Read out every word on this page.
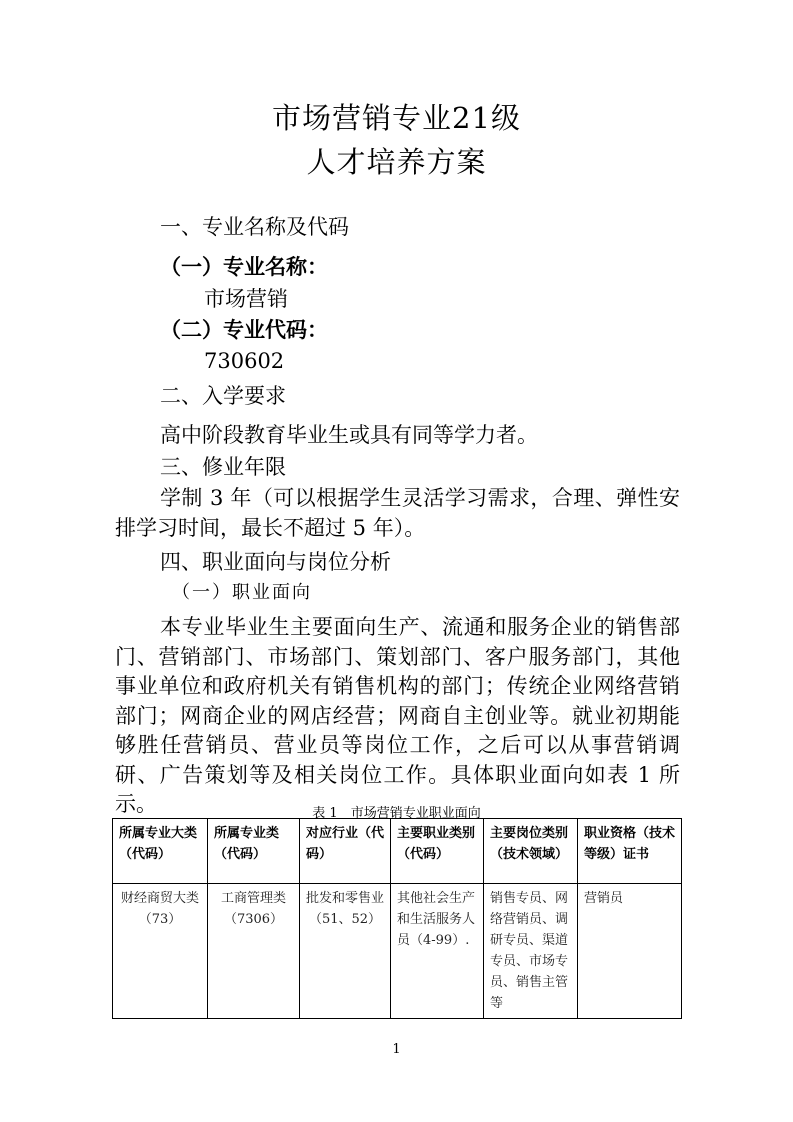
市场营销专业21级
人才培养方案
一、专业名称及代码
（一）专业名称：
市场营销
（二）专业代码：
730602
二、入学要求
高中阶段教育毕业生或具有同等学力者。
三、修业年限
学制 3 年（可以根据学生灵活学习需求，合理、弹性安排学习时间，最长不超过 5 年）。
四、职业面向与岗位分析
（一）职业面向
本专业毕业生主要面向生产、流通和服务企业的销售部门、营销部门、市场部门、策划部门、客户服务部门，其他事业单位和政府机关有销售机构的部门；传统企业网络营销部门；网商企业的网店经营；网商自主创业等。就业初期能够胜任营销员、营业员等岗位工作，之后可以从事营销调研、广告策划等及相关岗位工作。具体职业面向如表 1 所示。	表 1　市场营销专业职业面向
所属专业大类（代码）	所属专业类（代码）	对应行业（代码）	主要职业类别（代码）	主要岗位类别（技术领域）	职业资格（技术等级）证书
财经商贸大类（73）	工商管理类（7306）	批发和零售业（51、52）	其他社会生产和生活服务人员（4-99）.	销售专员、网络营销员、调研专员、渠道专员、市场专员、销售主管等	营销员
1
